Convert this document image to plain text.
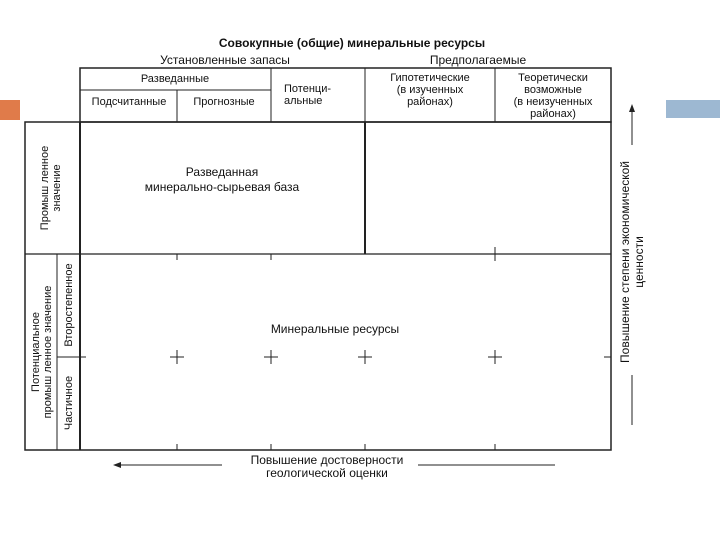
Совокупные (общие) минеральные ресурсы
Установленные запасы	Предполагаемые
Разведанные
Подсчитанные Прогнозные
Потенци-
альные
Гипотетические
(в изученных
районах)
Теоретически
возможные
(в неизученных
районах)
Промыш ленное значение
Потенциальное промыш ленное значение Второстепенное
Частичное
Разведанная
минерально-сырьевая база
Минеральные ресурсы
Повышение достоверности
геологической оценки
Повышение степени экономической ценности
